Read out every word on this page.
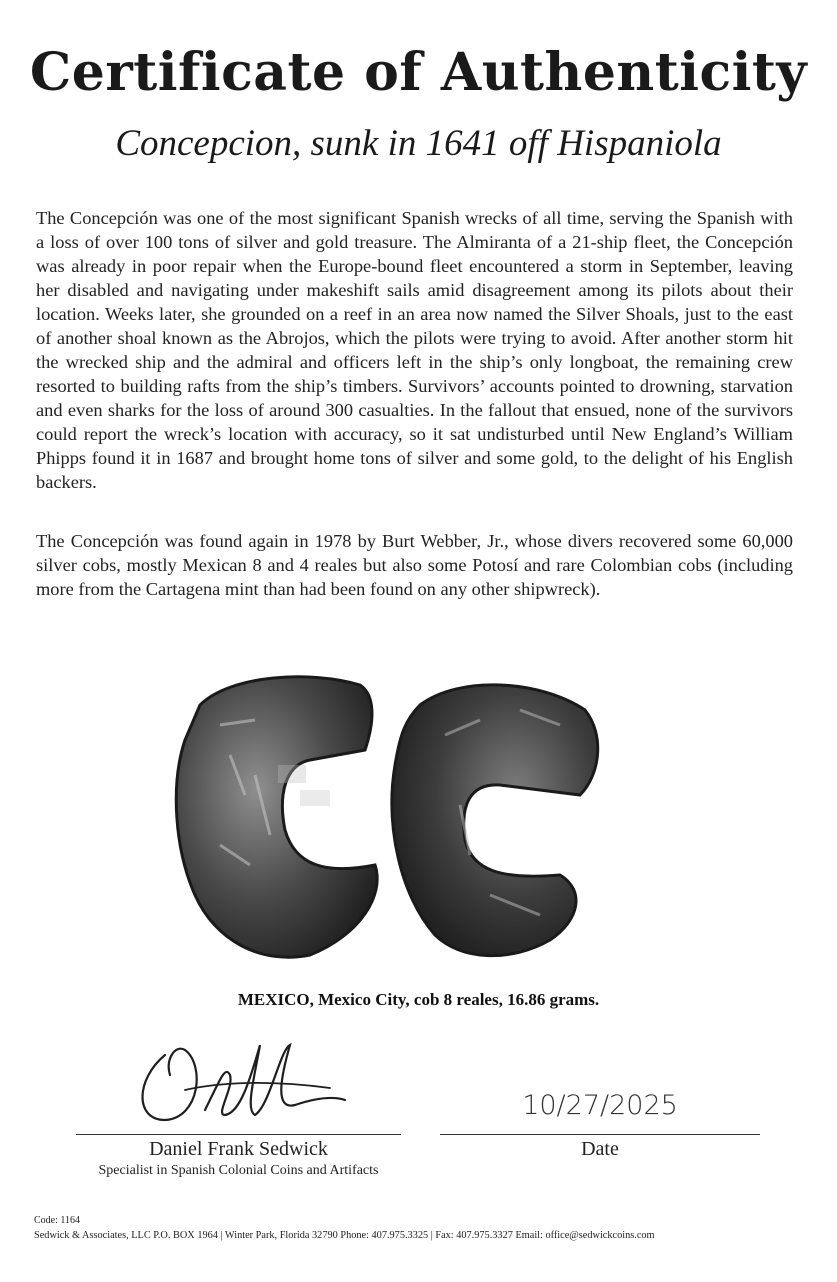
Certificate of Authenticity
Concepcion, sunk in 1641 off Hispaniola

The Concepción was one of the most significant Spanish wrecks of all time, serving the Spanish with a loss of over 100 tons of silver and gold treasure. The Almiranta of a 21-ship fleet, the Concepción was already in poor repair when the Europe-bound fleet encountered a storm in September, leaving her disabled and navigating under makeshift sails amid disagreement among its pilots about their location. Weeks later, she grounded on a reef in an area now named the Silver Shoals, just to the east of another shoal known as the Abrojos, which the pilots were trying to avoid. After another storm hit the wrecked ship and the admiral and officers left in the ship’s only longboat, the remaining crew resorted to building rafts from the ship’s timbers. Survivors’ accounts pointed to drowning, starvation and even sharks for the loss of around 300 casualties. In the fallout that ensued, none of the survivors could report the wreck’s location with accuracy, so it sat undisturbed until New England’s William Phipps found it in 1687 and brought home tons of silver and some gold, to the delight of his English backers.

The Concepción was found again in 1978 by Burt Webber, Jr., whose divers recovered some 60,000 silver cobs, mostly Mexican 8 and 4 reales but also some Potosí and rare Colombian cobs (including more from the Cartagena mint than had been found on any other shipwreck).

MEXICO, Mexico City, cob 8 reales, 16.86 grams.
10/27/2025
Daniel Frank Sedwick
Specialist in Spanish Colonial Coins and Artifacts
Date
Code: 1164
Sedwick & Associates, LLC P.O. BOX 1964 | Winter Park, Florida 32790 Phone: 407.975.3325 | Fax: 407.975.3327 Email: office@sedwickcoins.com
